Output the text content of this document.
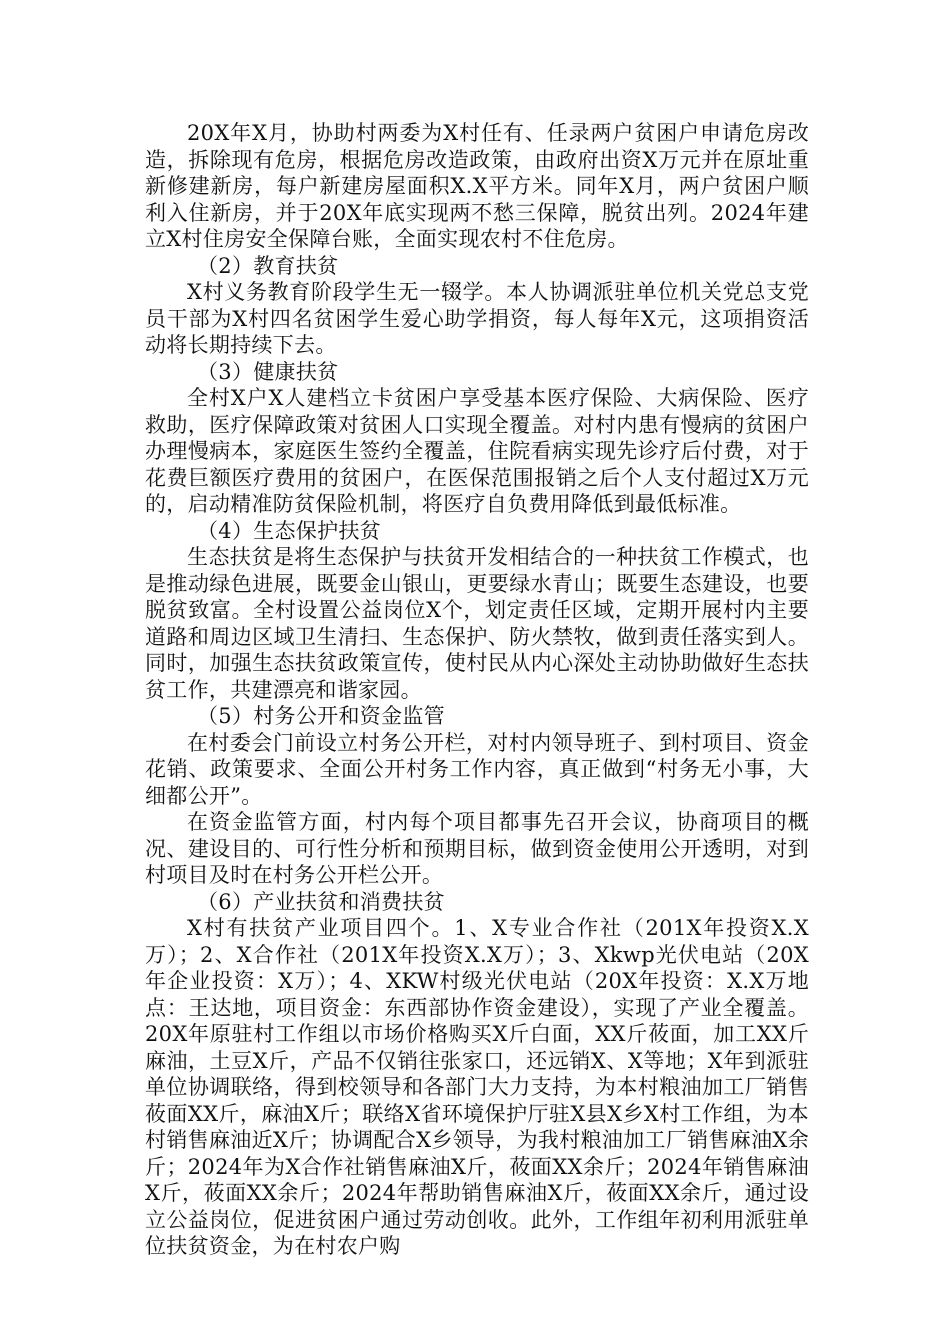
20X年X月，协助村两委为X村任有、任录两户贫困户申请危房改造，拆除现有危房，根据危房改造政策，由政府出资X万元并在原址重新修建新房，每户新建房屋面积X.X平方米。同年X月，两户贫困户顺利入住新房，并于20X年底实现两不愁三保障，脱贫出列。2024年建立X村住房安全保障台账，全面实现农村不住危房。

（2）教育扶贫

X村义务教育阶段学生无一辍学。本人协调派驻单位机关党总支党员干部为X村四名贫困学生爱心助学捐资，每人每年X元，这项捐资活动将长期持续下去。

（3）健康扶贫

全村X户X人建档立卡贫困户享受基本医疗保险、大病保险、医疗救助，医疗保障政策对贫困人口实现全覆盖。对村内患有慢病的贫困户办理慢病本，家庭医生签约全覆盖，住院看病实现先诊疗后付费，对于花费巨额医疗费用的贫困户，在医保范围报销之后个人支付超过X万元的，启动精准防贫保险机制，将医疗自负费用降低到最低标准。

（4）生态保护扶贫

生态扶贫是将生态保护与扶贫开发相结合的一种扶贫工作模式，也是推动绿色进展，既要金山银山，更要绿水青山；既要生态建设，也要脱贫致富。全村设置公益岗位X个，划定责任区域，定期开展村内主要道路和周边区域卫生清扫、生态保护、防火禁牧，做到责任落实到人。同时，加强生态扶贫政策宣传，使村民从内心深处主动协助做好生态扶贫工作，共建漂亮和谐家园。

（5）村务公开和资金监管

在村委会门前设立村务公开栏，对村内领导班子、到村项目、资金花销、政策要求、全面公开村务工作内容，真正做到“村务无小事，大细都公开”。

在资金监管方面，村内每个项目都事先召开会议，协商项目的概况、建设目的、可行性分析和预期目标，做到资金使用公开透明，对到村项目及时在村务公开栏公开。

（6）产业扶贫和消费扶贫

X村有扶贫产业项目四个。1、X专业合作社（201X年投资X.X万）；2、X合作社（201X年投资X.X万）；3、Xkwp光伏电站（20X年企业投资：X万）；4、XKW村级光伏电站（20X年投资：X.X万地点：王达地，项目资金：东西部协作资金建设），实现了产业全覆盖。20X年原驻村工作组以市场价格购买X斤白面，XX斤莜面，加工XX斤麻油，土豆X斤，产品不仅销往张家口，还远销X、X等地；X年到派驻单位协调联络，得到校领导和各部门大力支持，为本村粮油加工厂销售莜面XX斤，麻油X斤；联络X省环境保护厅驻X县X乡X村工作组，为本村销售麻油近X斤；协调配合X乡领导，为我村粮油加工厂销售麻油X余斤；2024年为X合作社销售麻油X斤，莜面XX余斤；2024年销售麻油X斤，莜面XX余斤；2024年帮助销售麻油X斤，莜面XX余斤，通过设立公益岗位，促进贫困户通过劳动创收。此外，工作组年初利用派驻单位扶贫资金，为在村农户购
